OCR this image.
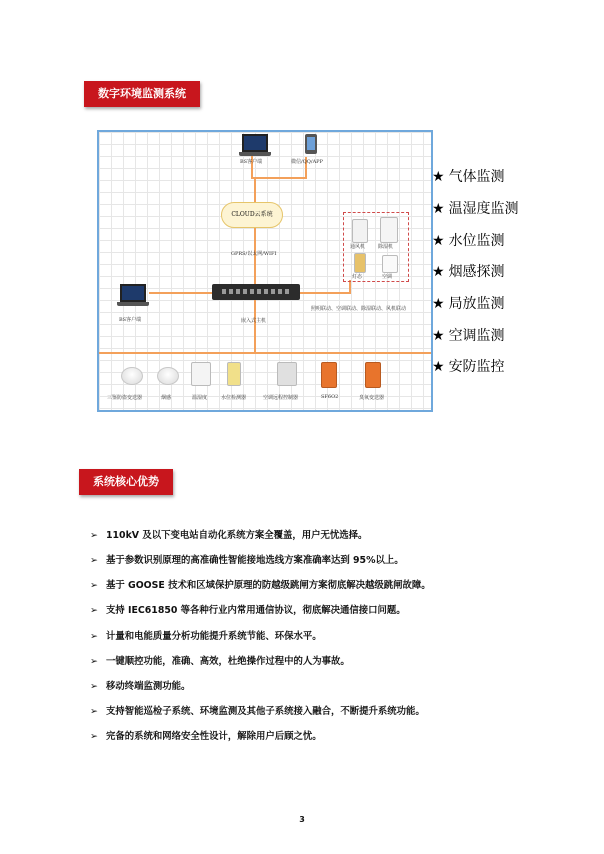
数字环境监测系统
BS客户端	微信/QQ/APP
CLOUD云系统
GPRS/以太网/WIFI
BS客户端	嵌入式主机
照明联动、空调联动、除湿联动、风机联动
通风机	除湿机
灯态	空调
三鉴防盗变送器	烟感	温湿度	水位检测器	空调远程控制器	SF6O2	臭氧变送器
★ 气体监测
★ 温湿度监测
★ 水位监测
★ 烟感探测
★ 局放监测
★ 空调监测
★ 安防监控
系统核心优势
➢ 110kV 及以下变电站自动化系统方案全覆盖，用户无忧选择。
➢ 基于参数识别原理的高准确性智能接地选线方案准确率达到 95%以上。
➢ 基于 GOOSE 技术和区域保护原理的防越级跳闸方案彻底解决越级跳闸故障。
➢ 支持 IEC61850 等各种行业内常用通信协议，彻底解决通信接口问题。
➢ 计量和电能质量分析功能提升系统节能、环保水平。
➢ 一键顺控功能，准确、高效，杜绝操作过程中的人为事故。
➢ 移动终端监测功能。
➢ 支持智能巡检子系统、环境监测及其他子系统接入融合，不断提升系统功能。
➢ 完备的系统和网络安全性设计，解除用户后顾之忧。
3
